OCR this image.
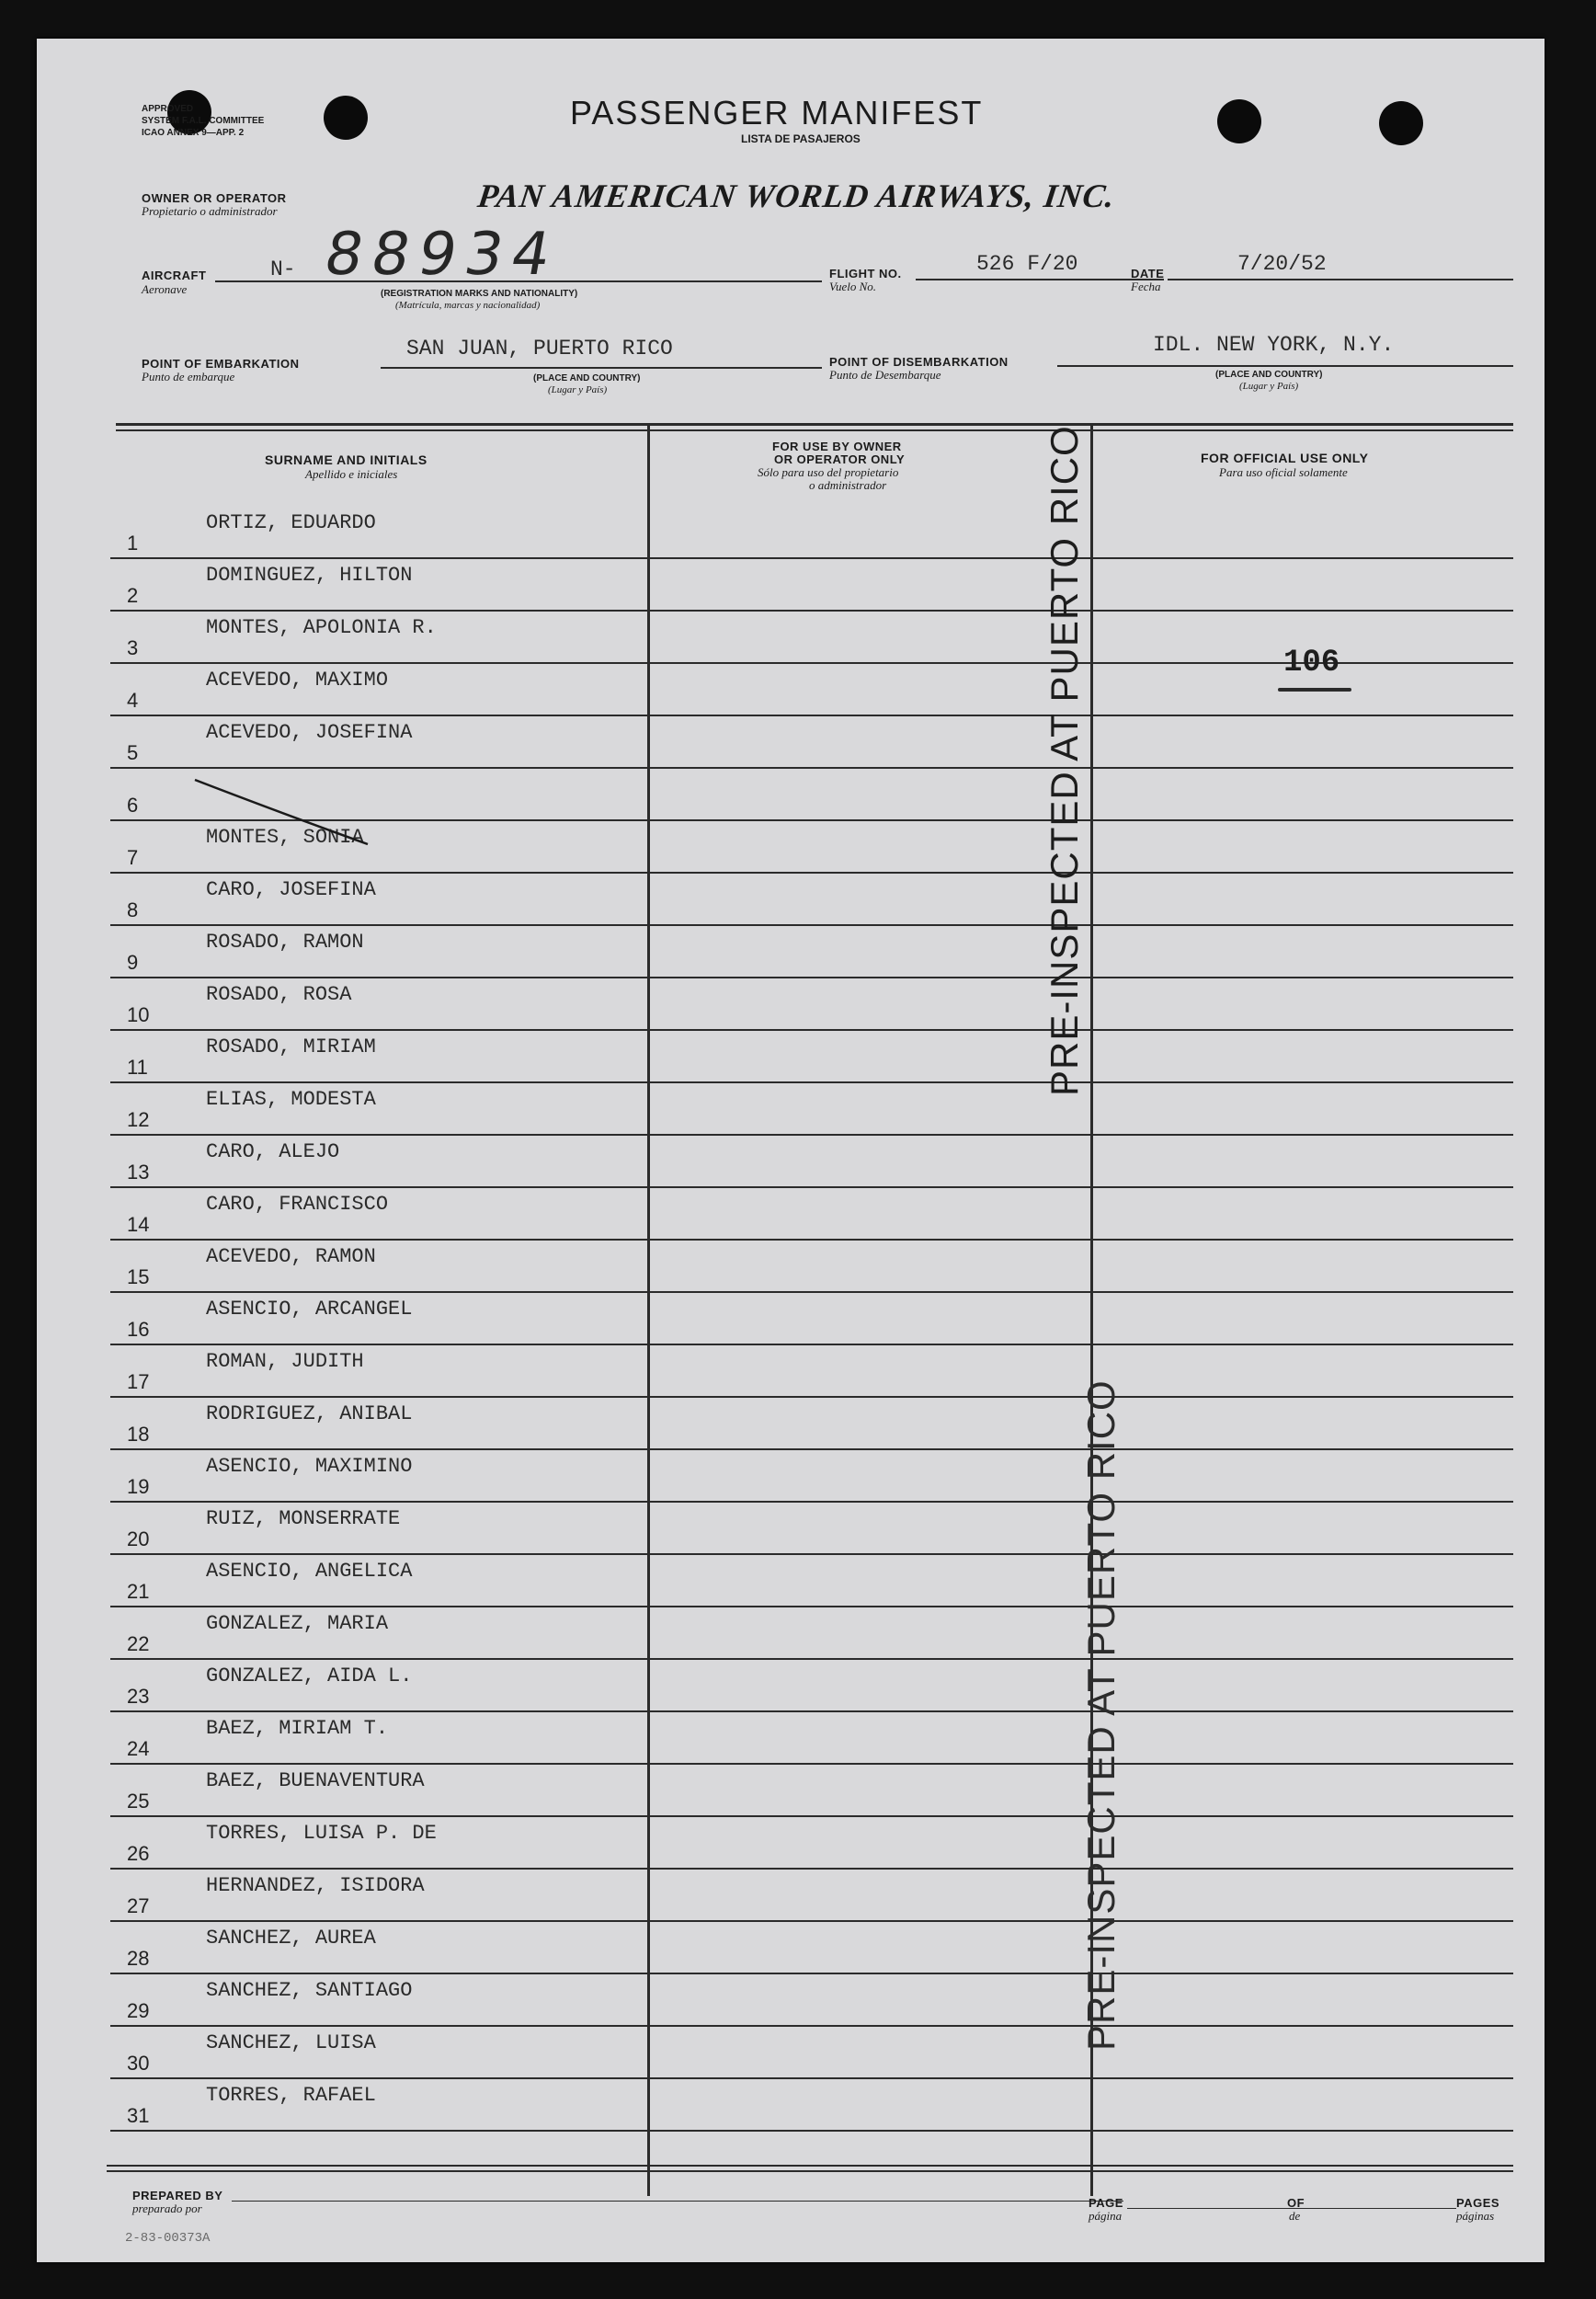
APPROVED
SYSTEM F.A.L. COMMITTEE
ICAO ANNEX 9—APP. 2
PASSENGER MANIFEST
LISTA DE PASAJEROS
OWNER OR OPERATOR
Propietario o administrador	PAN AMERICAN WORLD AIRWAYS, INC.
AIRCRAFT
Aeronave
N- 88934
(REGISTRATION MARKS AND NATIONALITY)
(Matrícula, marcas y nacionalidad)
FLIGHT NO.
Vuelo No.
526 F/20	DATE
Fecha
7/20/52
POINT OF EMBARKATION
Punto de embarque
SAN JUAN, PUERTO RICO
(PLACE AND COUNTRY)
(Lugar y País)
POINT OF DISEMBARKATION
Punto de Desembarque
IDL. NEW YORK, N.Y.
(PLACE AND COUNTRY)
(Lugar y País)
SURNAME AND INITIALS
Apellido e iniciales
FOR USE BY OWNER
OR OPERATOR ONLY
Sólo para uso del propietario
o administrador
FOR OFFICIAL USE ONLY
Para uso oficial solamente
1
ORTIZ, EDUARDO
2
DOMINGUEZ, HILTON
3
MONTES, APOLONIA R.
4
ACEVEDO, MAXIMO
5
ACEVEDO, JOSEFINA
6
7
MONTES, SONIA
8
CARO, JOSEFINA
9
ROSADO, RAMON
10
ROSADO, ROSA
11
ROSADO, MIRIAM
12
ELIAS, MODESTA
13
CARO, ALEJO
14
CARO, FRANCISCO
15
ACEVEDO, RAMON
16
ASENCIO, ARCANGEL
17
ROMAN, JUDITH
18
RODRIGUEZ, ANIBAL
19
ASENCIO, MAXIMINO
20
RUIZ, MONSERRATE
21
ASENCIO, ANGELICA
22
GONZALEZ, MARIA
23
GONZALEZ, AIDA L.
24
BAEZ, MIRIAM T.
25
BAEZ, BUENAVENTURA
26
TORRES, LUISA P. DE
27
HERNANDEZ, ISIDORA
28
SANCHEZ, AUREA
29
SANCHEZ, SANTIAGO
30
SANCHEZ, LUISA
31
TORRES, RAFAEL
106
PRE-INSPECTED AT PUERTO RICO
PRE-INSPECTED AT PUERTO RICO
PREPARED BY
preparado por	PAGE
página
OF
de
PAGES
páginas
2-83-00373A
